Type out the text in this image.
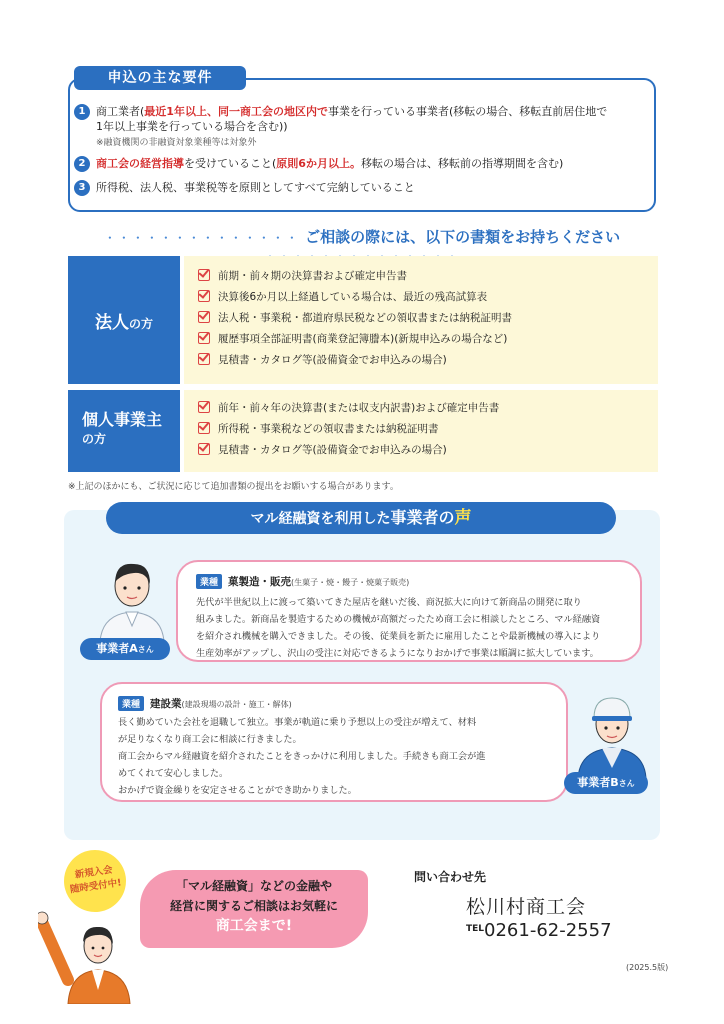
申込の主な要件
1 商工業者(最近1年以上、同一商工会の地区内で事業を行っている事業者(移転の場合、移転直前居住地で
1年以上事業を行っている場合を含む))
※融資機関の非融資対象業種等は対象外
2 商工会の経営指導を受けていること(原則6か月以上。移転の場合は、移転前の指導期間を含む)
3 所得税、法人税、事業税等を原則としてすべて完納していること
・・・・・・・・・・・・・・ ご相談の際には、以下の書類をお持ちください
法人の方
前期・前々期の決算書および確定申告書
決算後6か月以上経過している場合は、最近の残高試算表
法人税・事業税・都道府県民税などの領収書または納税証明書
履歴事項全部証明書(商業登記簿謄本)(新規申込みの場合など)
見積書・カタログ等(設備資金でお申込みの場合)
個人事業主
の方
前年・前々年の決算書(または収支内訳書)および確定申告書
所得税・事業税などの領収書または納税証明書
見積書・カタログ等(設備資金でお申込みの場合)
※上記のほかにも、ご状況に応じて追加書類の提出をお願いする場合があります。
マル経融資を利用した事業者の声
事業者Aさん
業種 菓製造・販売(生菓子・焼・饅子・焼菓子販売)
先代が半世紀以上に渡って築いてきた屋店を継いだ後、商況拡大に向けて新商品の開発に取り
組みました。新商品を製造するための機械が高額だったため商工会に相談したところ、マル経融資
を紹介され機械を購入できました。その後、従業員を新たに雇用したことや最新機械の導入により
生産効率がアップし、沢山の受注に対応できるようになりおかげで事業は順調に拡大しています。
業種 建設業(建設現場の設計・施工・解体)
長く勤めていた会社を退職して独立。事業が軌道に乗り予想以上の受注が増えて、材料
が足りなくなり商工会に相談に行きました。
商工会からマル経融資を紹介されたことをきっかけに利用しました。手続きも商工会が進
めてくれて安心しました。
おかげで資金繰りを安定させることができ助かりました。
事業者Bさん
新規入会
随時受付中!	「マル経融資」などの金融や
経営に関するご相談はお気軽に
商工会まで!
問い合わせ先
松川村商工会
$^{TEL}$0261-62-2557
(2025.5版)
